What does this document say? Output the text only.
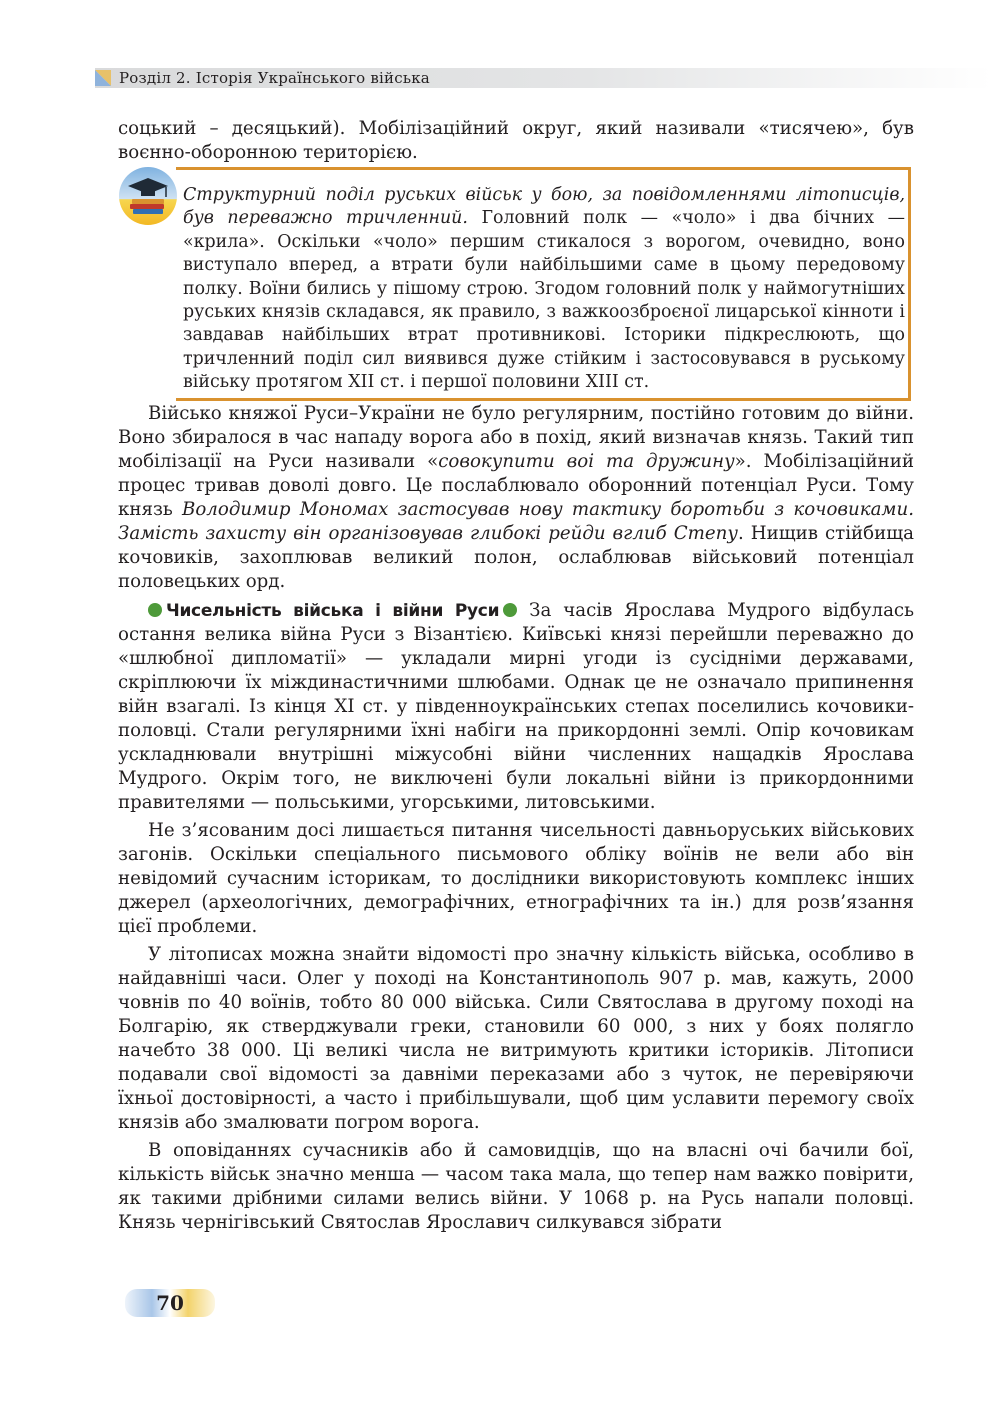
Розділ 2. Історія Українського війська

соцький – десяцький). Мобілізаційний округ, який називали «тисячею», був воєнно-оборонною територією.

Структурний поділ руських військ у бою, за повідомленнями літописців, був переважно тричленний. Головний полк — «чоло» і два бічних — «крила». Оскільки «чоло» першим стикалося з ворогом, очевидно, воно виступало вперед, а втрати були найбільшими саме в цьому передовому полку. Воїни бились у пішому строю. Згодом головний полк у наймогутніших руських князів складався, як правило, з важкоозброєної лицарської кінноти і завдавав найбільших втрат противникові. Історики підкреслюють, що тричленний поділ сил виявився дуже стійким і застосовувався в руському війську протягом ХІІ ст. і першої половини ХІІІ ст.

Військо княжої Руси–України не було регулярним, постійно готовим до війни. Воно збиралося в час нападу ворога або в похід, який визначав князь. Такий тип мобілізації на Руси називали «совокупити воі та дружину». Мобілізаційний процес тривав доволі довго. Це послаблювало оборонний потенціал Руси. Тому князь Володимир Мономах застосував нову тактику боротьби з кочовиками. Замість захисту він організовував глибокі рейди вглиб Степу. Нищив стійбища кочовиків, захоплював великий полон, ослаблював військовий потенціал половецьких орд.

Чисельність війська і війни Руси За часів Ярослава Мудрого відбулась остання велика війна Руси з Візантією. Київські князі перейшли переважно до «шлюбної дипломатії» — укладали мирні угоди із сусідніми державами, скріплюючи їх міждинастичними шлюбами. Однак це не означало припинення війн взагалі. Із кінця ХІ ст. у південноукраїнських степах поселились кочовики-половці. Стали регулярними їхні набіги на прикордонні землі. Опір кочовикам ускладнювали внутрішні міжусобні війни численних нащадків Ярослава Мудрого. Окрім того, не виключені були локальні війни із прикордонними правителями — польськими, угорськими, литовськими.

Не з’ясованим досі лишається питання чисельності давньоруських військових загонів. Оскільки спеціального письмового обліку воїнів не вели або він невідомий сучасним історикам, то дослідники використовують комплекс інших джерел (археологічних, демографічних, етнографічних та ін.) для розв’язання цієї проблеми.

У літописах можна знайти відомості про значну кількість війська, особливо в найдавніші часи. Олег у поході на Константинополь 907 р. мав, кажуть, 2000 човнів по 40 воїнів, тобто 80 000 війська. Сили Святослава в другому поході на Болгарію, як стверджували греки, становили 60 000, з них у боях полягло начебто 38 000. Ці великі числа не витримують критики істориків. Літописи подавали свої відомості за давніми переказами або з чуток, не перевіряючи їхньої достовірності, а часто і прибільшували, щоб цим уславити перемогу своїх князів або змалювати погром ворога.

В оповіданнях сучасників або й самовидців, що на власні очі бачили бої, кількість військ значно менша — часом така мала, що тепер нам важко повірити, як такими дрібними силами велись війни. У 1068 р. на Русь напали половці. Князь чернігівський Святослав Ярославич силкувався зібрати

70
